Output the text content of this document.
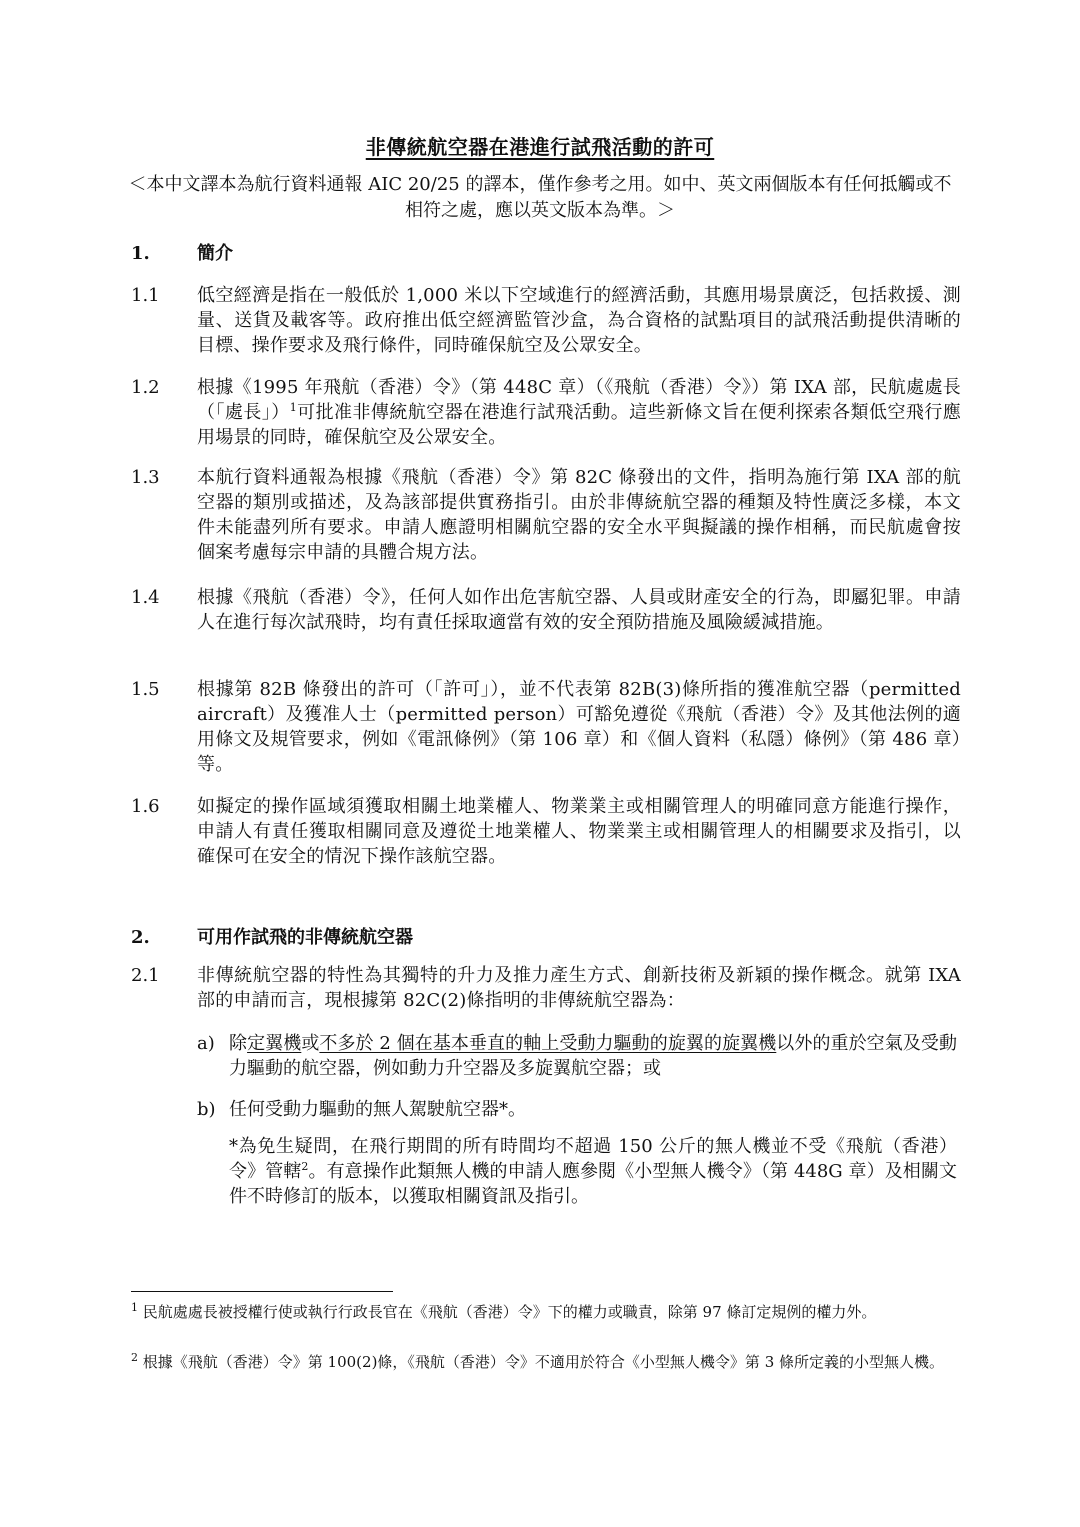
非傳統航空器在港進行試飛活動的許可
＜本中文譯本為航行資料通報 AIC 20/25 的譯本，僅作參考之用。如中、英文兩個版本有任何抵觸或不相符之處，應以英文版本為準。＞
1.	簡介
1.1	低空經濟是指在一般低於 1,000 米以下空域進行的經濟活動，其應用場景廣泛，包括救援、測量、送貨及載客等。政府推出低空經濟監管沙盒，為合資格的試點項目的試飛活動提供清晰的目標、操作要求及飛行條件，同時確保航空及公眾安全。
1.2	根據《1995 年飛航（香港）令》（第 448C 章）（《飛航（香港）令》）第 IXA 部，民航處處長（「處長」）$^1$可批准非傳統航空器在港進行試飛活動。這些新條文旨在便利探索各類低空飛行應用場景的同時，確保航空及公眾安全。
1.3	本航行資料通報為根據《飛航（香港）令》第 82C 條發出的文件，指明為施行第 IXA 部的航空器的類別或描述，及為該部提供實務指引。由於非傳統航空器的種類及特性廣泛多樣，本文件未能盡列所有要求。申請人應證明相關航空器的安全水平與擬議的操作相稱，而民航處會按個案考慮每宗申請的具體合規方法。
1.4	根據《飛航（香港）令》，任何人如作出危害航空器、人員或財產安全的行為，即屬犯罪。申請人在進行每次試飛時，均有責任採取適當有效的安全預防措施及風險緩減措施。
1.5	根據第 82B 條發出的許可（「許可」），並不代表第 82B(3)條所指的獲准航空器（permitted aircraft）及獲准人士（permitted person）可豁免遵從《飛航（香港）令》及其他法例的適用條文及規管要求，例如《電訊條例》（第 106 章）和《個人資料（私隱）條例》（第 486 章）等。
1.6	如擬定的操作區域須獲取相關土地業權人、物業業主或相關管理人的明確同意方能進行操作，申請人有責任獲取相關同意及遵從土地業權人、物業業主或相關管理人的相關要求及指引，以確保可在安全的情況下操作該航空器。
2.	可用作試飛的非傳統航空器
2.1	非傳統航空器的特性為其獨特的升力及推力產生方式、創新技術及新穎的操作概念。就第 IXA 部的申請而言，現根據第 82C(2)條指明的非傳統航空器為：
a) 除定翼機或不多於 2 個在基本垂直的軸上受動力驅動的旋翼的旋翼機以外的重於空氣及受動力驅動的航空器，例如動力升空器及多旋翼航空器；或
b) 任何受動力驅動的無人駕駛航空器*。
*為免生疑問，在飛行期間的所有時間均不超過 150 公斤的無人機並不受《飛航（香港）令》管轄$^2$。有意操作此類無人機的申請人應參閱《小型無人機令》（第 448G 章）及相關文件不時修訂的版本，以獲取相關資訊及指引。
$^1$ 民航處處長被授權行使或執行行政長官在《飛航（香港）令》下的權力或職責，除第 97 條訂定規例的權力外。
$^2$ 根據《飛航（香港）令》第 100(2)條，《飛航（香港）令》不適用於符合《小型無人機令》第 3 條所定義的小型無人機。
